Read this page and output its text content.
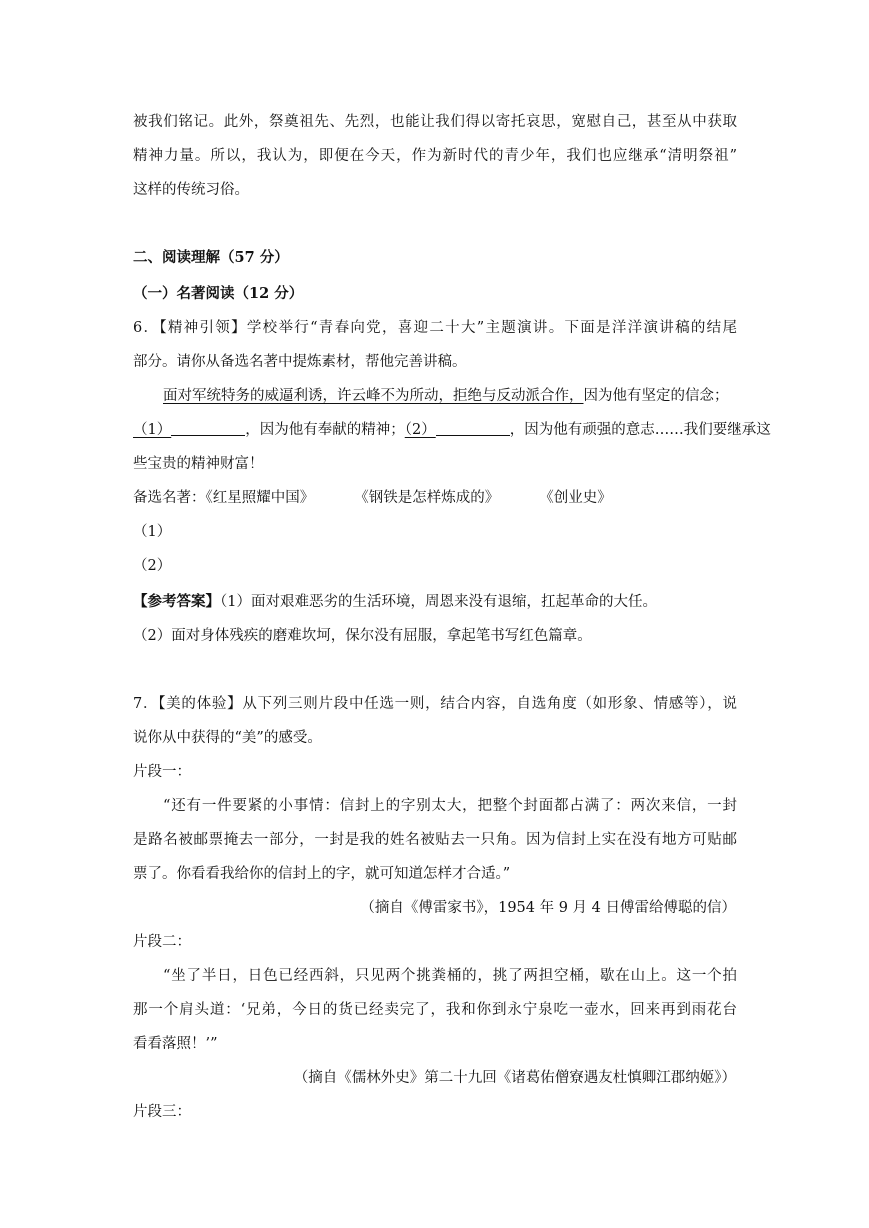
被我们铭记。此外，祭奠祖先、先烈，也能让我们得以寄托哀思，宽慰自己，甚至从中获取
精神力量。所以，我认为，即便在今天，作为新时代的青少年，我们也应继承“清明祭祖”
这样的传统习俗。
二、阅读理解（57 分）
（一）名著阅读（12 分）
6．【精神引领】学校举行“青春向党，喜迎二十大”主题演讲。下面是洋洋演讲稿的结尾
部分。请你从备选名著中提炼素材，帮他完善讲稿。
面对军统特务的威逼利诱，许云峰不为所动，拒绝与反动派合作，因为他有坚定的信念；
（1）	，因为他有奉献的精神；（2）	，因为他有顽强的意志……我们要继承这
些宝贵的精神财富！
备选名著：《红星照耀中国》	《钢铁是怎样炼成的》	《创业史》
（1）
（2）
【参考答案】（1）面对艰难恶劣的生活环境，周恩来没有退缩，扛起革命的大任。
（2）面对身体残疾的磨难坎坷，保尔没有屈服，拿起笔书写红色篇章。
7．【美的体验】从下列三则片段中任选一则，结合内容，自选角度（如形象、情感等），说
说你从中获得的“美”的感受。
片段一：
“还有一件要紧的小事情：信封上的字别太大，把整个封面都占满了：两次来信，一封
是路名被邮票掩去一部分，一封是我的姓名被贴去一只角。因为信封上实在没有地方可贴邮
票了。你看看我给你的信封上的字，就可知道怎样才合适。”
（摘自《傅雷家书》，1954 年 9 月 4 日傅雷给傅聪的信）
片段二：
“坐了半日，日色已经西斜，只见两个挑粪桶的，挑了两担空桶，歇在山上。这一个拍
那一个肩头道：‘兄弟，今日的货已经卖完了，我和你到永宁泉吃一壶水，回来再到雨花台
看看落照！’”
（摘自《儒林外史》第二十九回《诸葛佑僧寮遇友杜慎卿江郡纳姬》）
片段三：
